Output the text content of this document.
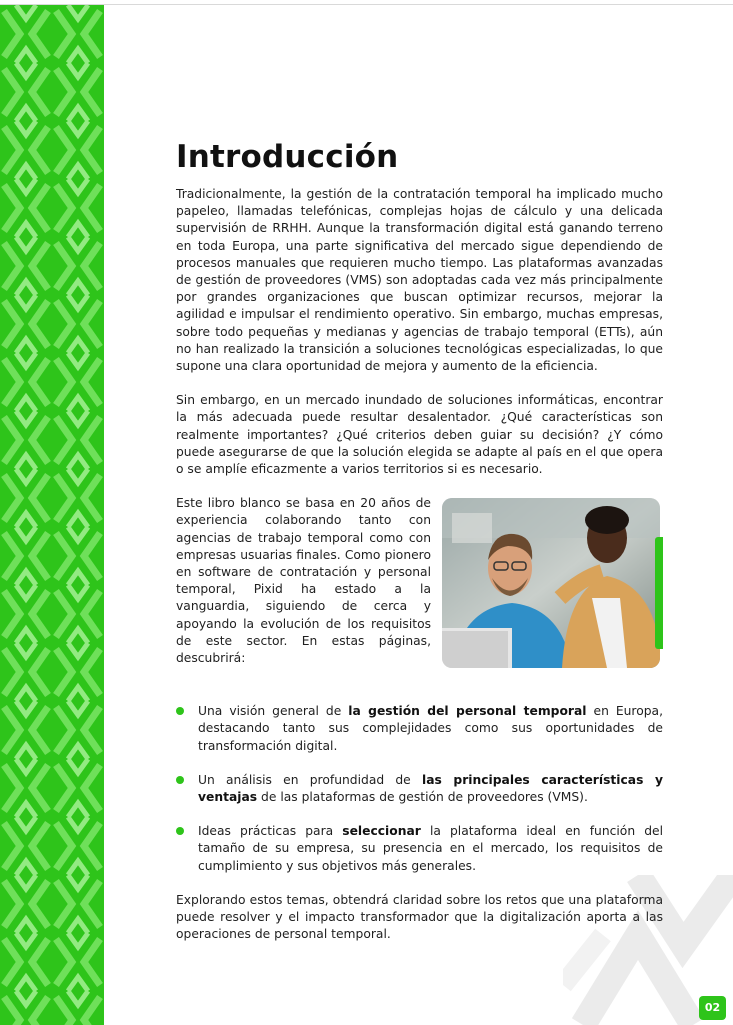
Introducción

Tradicionalmente, la gestión de la contratación temporal ha implicado mucho papeleo, llamadas telefónicas, complejas hojas de cálculo y una delicada supervisión de RRHH. Aunque la transformación digital está ganando terreno en toda Europa, una parte significativa del mercado sigue dependiendo de procesos manuales que requieren mucho tiempo. Las plataformas avanzadas de gestión de proveedores (VMS) son adoptadas cada vez más principalmente por grandes organizaciones que buscan optimizar recursos, mejorar la agilidad e impulsar el rendimiento operativo. Sin embargo, muchas empresas, sobre todo pequeñas y medianas y agencias de trabajo temporal (ETTs), aún no han realizado la transición a soluciones tecnológicas especializadas, lo que supone una clara oportunidad de mejora y aumento de la eficiencia.

Sin embargo, en un mercado inundado de soluciones informáticas, encontrar la más adecuada puede resultar desalentador. ¿Qué características son realmente importantes? ¿Qué criterios deben guiar su decisión? ¿Y cómo puede asegurarse de que la solución elegida se adapte al país en el que opera o se amplíe eficazmente a varios territorios si es necesario.

Este libro blanco se basa en 20 años de experiencia colaborando tanto con agencias de trabajo temporal como con empresas usuarias finales. Como pionero en software de contratación y personal temporal, Pixid ha estado a la vanguardia, siguiendo de cerca y apoyando la evolución de los requisitos de este sector. En estas páginas, descubrirá:

Una visión general de la gestión del personal temporal en Europa, destacando tanto sus complejidades como sus oportunidades de transformación digital.

Un análisis en profundidad de las principales características y ventajas de las plataformas de gestión de proveedores (VMS).

Ideas prácticas para seleccionar la plataforma ideal en función del tamaño de su empresa, su presencia en el mercado, los requisitos de cumplimiento y sus objetivos más generales.

Explorando estos temas, obtendrá claridad sobre los retos que una plataforma puede resolver y el impacto transformador que la digitalización aporta a las operaciones de personal temporal.

02
